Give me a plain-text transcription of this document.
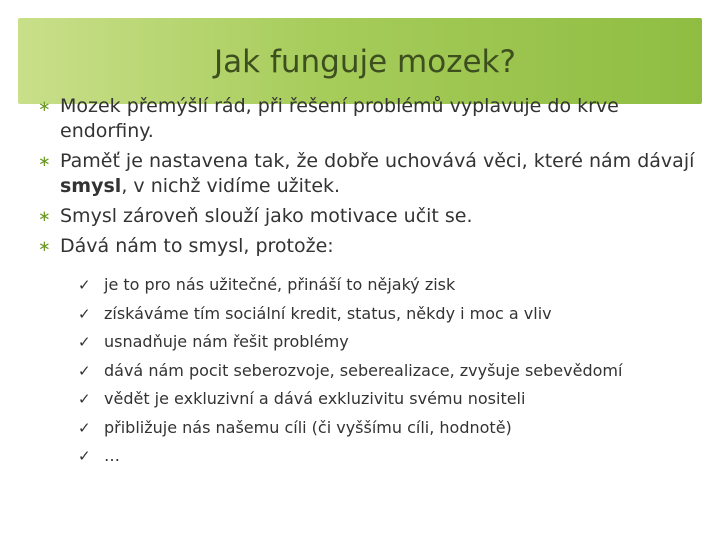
Jak funguje mozek?
∗ Mozek přemýšlí rád, při řešení problémů vyplavuje do krve endorfiny.
∗ Paměť je nastavena tak, že dobře uchovává věci, které nám dávají smysl, v nichž vidíme užitek.
∗ Smysl zároveň slouží jako motivace učit se.
∗ Dává nám to smysl, protože:
✓ je to pro nás užitečné, přináší to nějaký zisk
✓ získáváme tím sociální kredit, status, někdy i moc a vliv
✓ usnadňuje nám řešit problémy
✓ dává nám pocit seberozvoje, seberealizace, zvyšuje sebevědomí
✓ vědět je exkluzivní a dává exkluzivitu svému nositeli
✓ přibližuje nás našemu cíli (či vyššímu cíli, hodnotě)
✓ …
